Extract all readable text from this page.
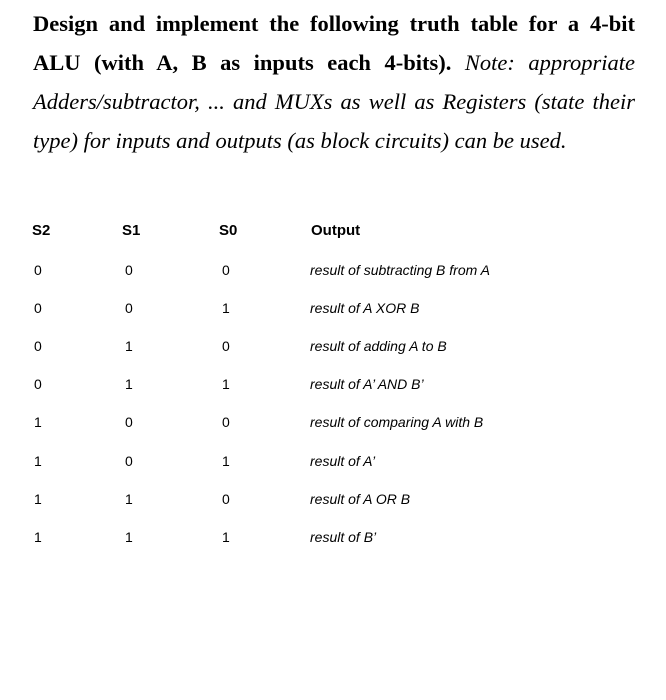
Design and implement the following truth table for a 4-bit ALU (with A, B as inputs each 4-bits). Note: appropriate Adders/subtractor, ... and MUXs as well as Registers (state their type) for inputs and outputs (as block circuits) can be used.
S2	S1	S0	Output
0	0	0	result of subtracting B from A
0	0	1	result of A XOR B
0	1	0	result of adding A to B
0	1	1	result of A’ AND B’
1	0	0	result of comparing A with B
1	0	1	result of A’
1	1	0	result of A OR B
1	1	1	result of B’
